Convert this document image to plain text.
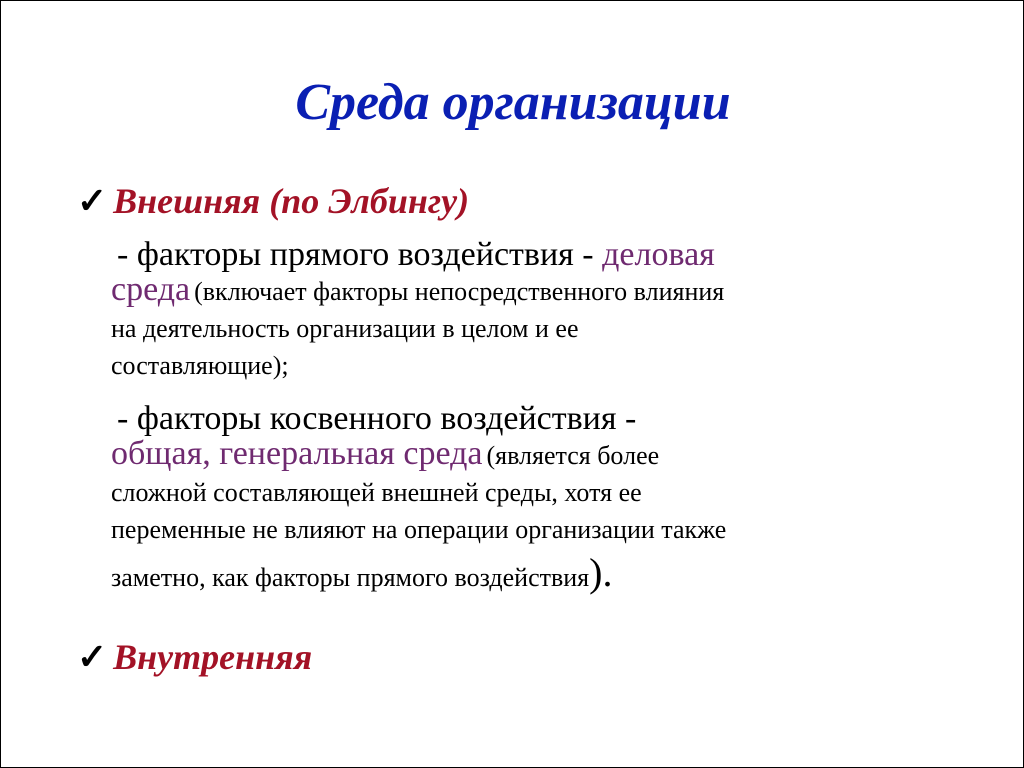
Среда организации
✓ Внешняя (по Элбингу)
- факторы прямого воздействия - деловая
среда (включает факторы непосредственного влияния
на деятельность организации в целом и ее
составляющие);
- факторы косвенного воздействия -
общая, генеральная среда (является более
сложной составляющей внешней среды, хотя ее
переменные не влияют на операции организации также
заметно, как факторы прямого воздействия).
✓ Внутренняя
